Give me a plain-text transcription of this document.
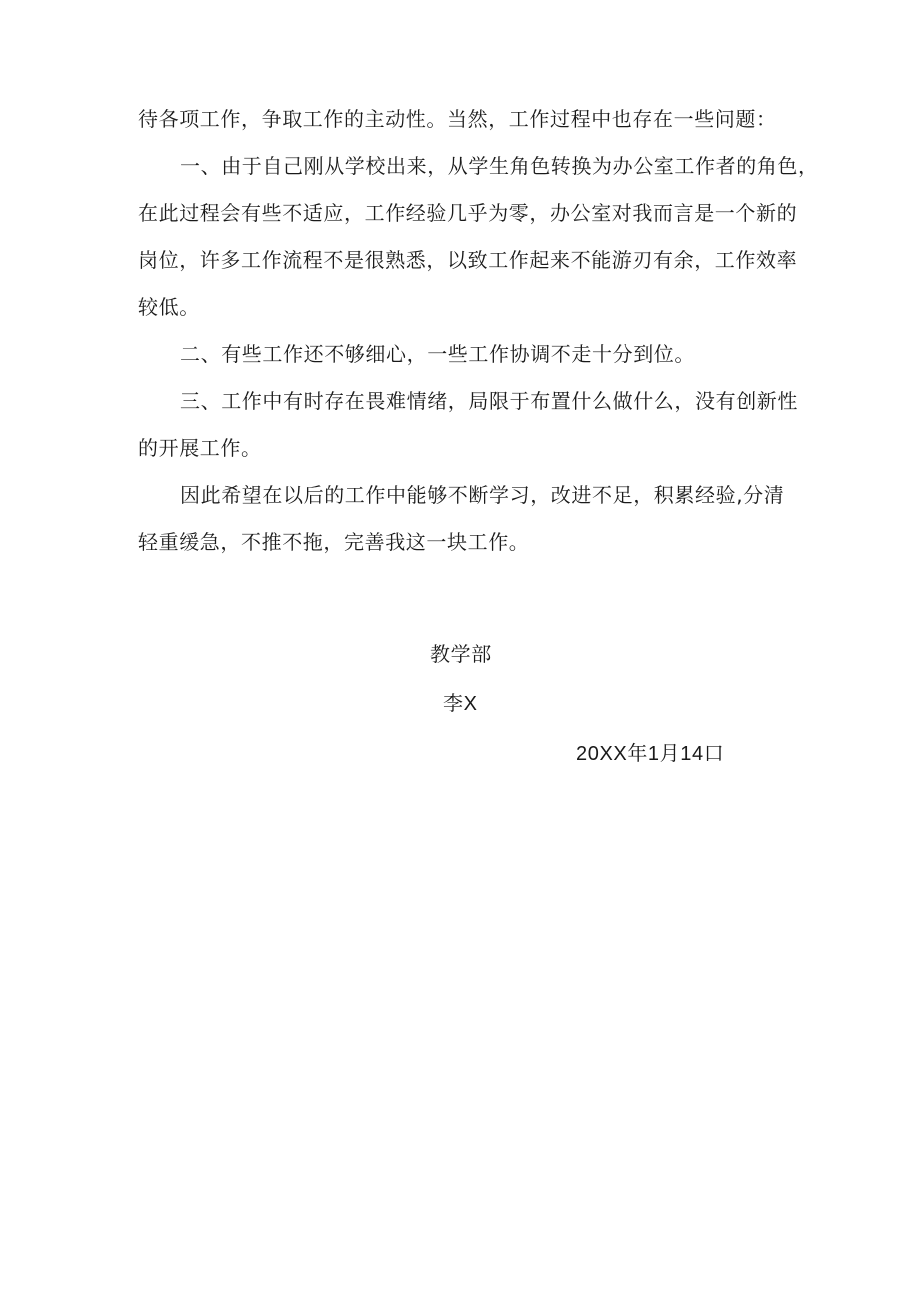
待各项工作，争取工作的主动性。当然，工作过程中也存在一些问题：

一、由于自己刚从学校出来，从学生角色转换为办公室工作者的角色，
在此过程会有些不适应，工作经验几乎为零，办公室对我而言是一个新的
岗位，许多工作流程不是很熟悉，以致工作起来不能游刃有余，工作效率
较低。

二、有些工作还不够细心，一些工作协调不走十分到位。

三、工作中有时存在畏难情绪，局限于布置什么做什么，没有创新性
的开展工作。

因此希望在以后的工作中能够不断学习，改进不足，积累经验,分清
轻重缓急，不推不拖，完善我这一块工作。

教学部
李X
20XX年1月14口
